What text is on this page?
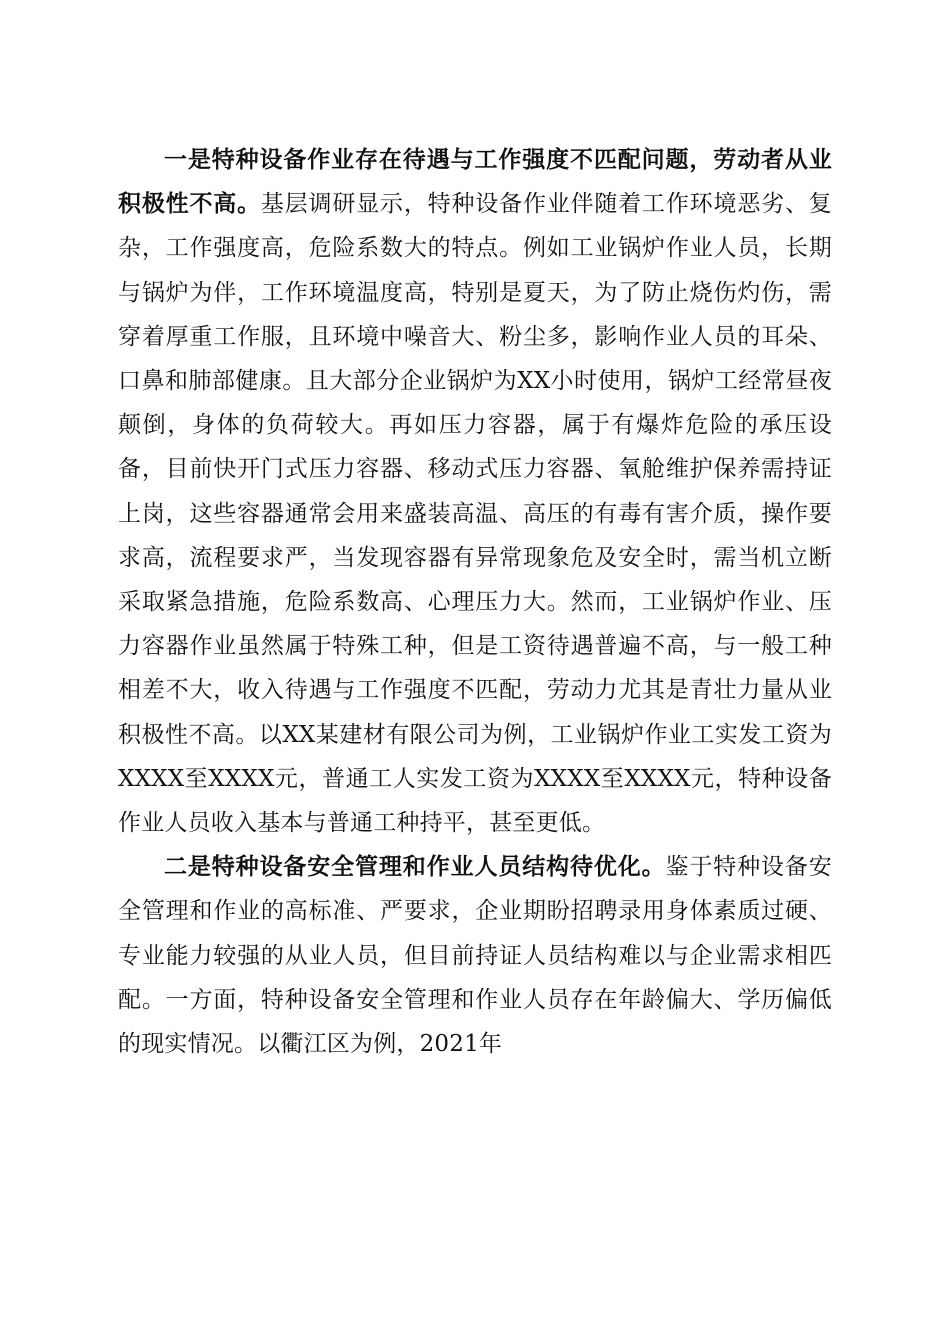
一是特种设备作业存在待遇与工作强度不匹配问题，劳动者从业积极性不高。基层调研显示，特种设备作业伴随着工作环境恶劣、复杂，工作强度高，危险系数大的特点。例如工业锅炉作业人员，长期与锅炉为伴，工作环境温度高，特别是夏天，为了防止烧伤灼伤，需穿着厚重工作服，且环境中噪音大、粉尘多，影响作业人员的耳朵、口鼻和肺部健康。且大部分企业锅炉为XX小时使用，锅炉工经常昼夜颠倒，身体的负荷较大。再如压力容器，属于有爆炸危险的承压设备，目前快开门式压力容器、移动式压力容器、氧舱维护保养需持证上岗，这些容器通常会用来盛装高温、高压的有毒有害介质，操作要求高，流程要求严，当发现容器有异常现象危及安全时，需当机立断采取紧急措施，危险系数高、心理压力大。然而，工业锅炉作业、压力容器作业虽然属于特殊工种，但是工资待遇普遍不高，与一般工种相差不大，收入待遇与工作强度不匹配，劳动力尤其是青壮力量从业积极性不高。以XX某建材有限公司为例，工业锅炉作业工实发工资为XXXX至XXXX元，普通工人实发工资为XXXX至XXXX元，特种设备作业人员收入基本与普通工种持平，甚至更低。

二是特种设备安全管理和作业人员结构待优化。鉴于特种设备安全管理和作业的高标准、严要求，企业期盼招聘录用身体素质过硬、专业能力较强的从业人员，但目前持证人员结构难以与企业需求相匹配。一方面，特种设备安全管理和作业人员存在年龄偏大、学历偏低的现实情况。以衢江区为例，2021年
